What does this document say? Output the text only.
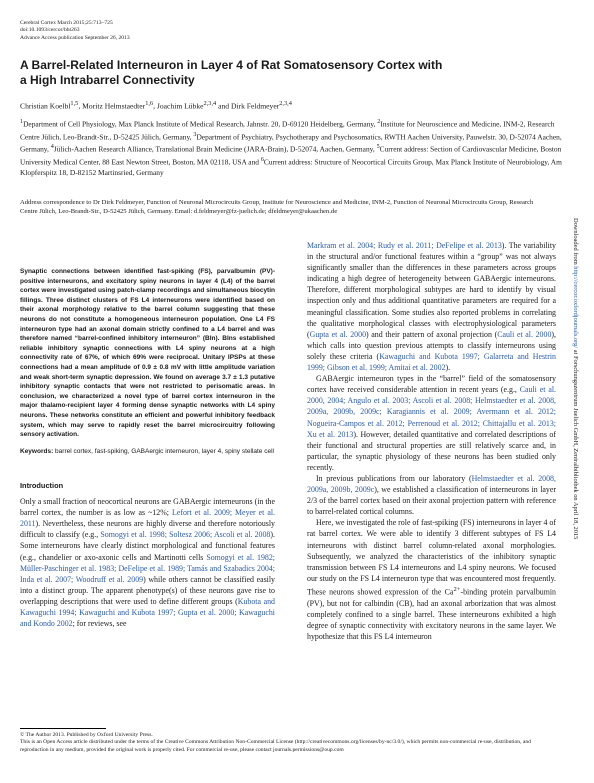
Cerebral Cortex March 2015;25:713–725
doi:10.1093/cercor/bht263
Advance Access publication September 26, 2013
A Barrel-Related Interneuron in Layer 4 of Rat Somatosensory Cortex with
a High Intrabarrel Connectivity
Christian Koelbl$^{1,5}$, Moritz Helmstaedter$^{1,6}$, Joachim Lübke$^{2,3,4}$ and Dirk Feldmeyer$^{2,3,4}$
$^1$Department of Cell Physiology, Max Planck Institute of Medical Research, Jahnstr. 20, D-69120 Heidelberg, Germany, $^2$Institute for Neuroscience and Medicine, INM-2, Research Centre Jülich, Leo-Brandt-Str., D-52425 Jülich, Germany, $^3$Department of Psychiatry, Psychotherapy and Psychosomatics, RWTH Aachen University, Pauwelstr. 30, D-52074 Aachen, Germany, $^4$Jülich-Aachen Research Alliance, Translational Brain Medicine (JARA-Brain), D-52074, Aachen, Germany, $^5$Current address: Section of Cardiovascular Medicine, Boston University Medical Center, 88 East Newton Street, Boston, MA 02118, USA and $^6$Current address: Structure of Neocortical Circuits Group, Max Planck Institute of Neurobiology, Am Klopferspitz 18, D-82152 Martinsried, Germany
Address correspondence to Dr Dirk Feldmeyer, Function of Neuronal Microcircuits Group, Institute for Neuroscience and Medicine, INM-2, Function of Neuronal Microcircuits Group, Research Centre Jülich, Leo-Brandt-Str., D-52425 Jülich, Germany. Email: d.feldmeyer@fz-juelich.de; dfeldmeyer@ukaachen.de
Downloaded from http://cercor.oxfordjournals.org/ at Forschungszentrum Juelich GmbH, Zentralbibliothek on April 18, 2015

Synaptic connections between identified fast-spiking (FS), parvalbumin (PV)-positive interneurons, and excitatory spiny neurons in layer 4 (L4) of the barrel cortex were investigated using patch-clamp recordings and simultaneous biocytin fillings. Three distinct clusters of FS L4 interneurons were identified based on their axonal morphology relative to the barrel column suggesting that these neurons do not constitute a homogeneous interneuron population. One L4 FS interneuron type had an axonal domain strictly confined to a L4 barrel and was therefore named “barrel-confined inhibitory interneuron” (BIn). BIns established reliable inhibitory synaptic connections with L4 spiny neurons at a high connectivity rate of 67%, of which 69% were reciprocal. Unitary IPSPs at these connections had a mean amplitude of 0.9 ± 0.8 mV with little amplitude variation and weak short-term synaptic depression. We found on average 3.7 ± 1.3 putative inhibitory synaptic contacts that were not restricted to perisomatic areas. In conclusion, we characterized a novel type of barrel cortex interneuron in the major thalamo-recipient layer 4 forming dense synaptic networks with L4 spiny neurons. These networks constitute an efficient and powerful inhibitory feedback system, which may serve to rapidly reset the barrel microcircuitry following sensory activation.

Keywords: barrel cortex, fast-spiking, GABAergic interneuron, layer 4, spiny stellate cell

Introduction

Only a small fraction of neocortical neurons are GABAergic interneurons (in the barrel cortex, the number is as low as ~12%; Lefort et al. 2009; Meyer et al. 2011). Nevertheless, these neurons are highly diverse and therefore notoriously difficult to classify (e.g., Somogyi et al. 1998; Soltesz 2006; Ascoli et al. 2008). Some interneurons have clearly distinct morphological and functional features (e.g., chandelier or axo-axonic cells and Martinotti cells Somogyi et al. 1982; Müller-Paschinger et al. 1983; DeFelipe et al. 1989; Tamás and Szabadics 2004; Inda et al. 2007; Woodruff et al. 2009) while others cannot be classified easily into a distinct group. The apparent phenotype(s) of these neurons gave rise to overlapping descriptions that were used to define different groups (Kubota and Kawaguchi 1994; Kawaguchi and Kubota 1997; Gupta et al. 2000; Kawaguchi and Kondo 2002; for reviews, see

Markram et al. 2004; Rudy et al. 2011; DeFelipe et al. 2013). The variability in the structural and/or functional features within a “group” was not always significantly smaller than the differences in these parameters across groups indicating a high degree of heterogeneity between GABAergic interneurons. Therefore, different morphological subtypes are hard to identify by visual inspection only and thus additional quantitative parameters are required for a meaningful classification. Some studies also reported problems in correlating the qualitative morphological classes with electrophysiological parameters (Gupta et al. 2000) and their pattern of axonal projection (Cauli et al. 2000), which calls into question previous attempts to classify interneurons using solely these criteria (Kawaguchi and Kubota 1997; Galarreta and Hestrin 1999; Gibson et al. 1999; Amitai et al. 2002).

GABAergic interneuron types in the “barrel” field of the somatosensory cortex have received considerable attention in recent years (e.g., Cauli et al. 2000, 2004; Angulo et al. 2003; Ascoli et al. 2008; Helmstaedter et al. 2008, 2009a, 2009b, 2009c; Karagiannis et al. 2009; Avermann et al. 2012; Nogueira-Campos et al. 2012; Perrenoud et al. 2012; Chittajallu et al. 2013; Xu et al. 2013). However, detailed quantitative and correlated descriptions of their functional and structural properties are still relatively scarce and, in particular, the synaptic physiology of these neurons has been studied only recently.

In previous publications from our laboratory (Helmstaedter et al. 2008, 2009a, 2009b, 2009c), we established a classification of interneurons in layer 2/3 of the barrel cortex based on their axonal projection pattern with reference to barrel-related cortical columns.

Here, we investigated the role of fast-spiking (FS) interneurons in layer 4 of rat barrel cortex. We were able to identify 3 different subtypes of FS L4 interneurons with distinct barrel column-related axonal morphologies. Subsequently, we analyzed the characteristics of the inhibitory synaptic transmission between FS L4 interneurons and L4 spiny neurons. We focused our study on the FS L4 interneuron type that was encountered most frequently. These neurons showed expression of the $Ca^{2+}$-binding protein parvalbumin (PV), but not for calbindin (CB), had an axonal arborization that was almost completely confined to a single barrel. These interneurons exhibited a high degree of synaptic connectivity with excitatory neurons in the same layer. We hypothesize that this FS L4 interneuron

© The Author 2013. Published by Oxford University Press.
This is an Open Access article distributed under the terms of the Creative Commons Attribution Non-Commercial License (http://creativecommons.org/licenses/by-nc/3.0/), which permits non-commercial re-use, distribution, and reproduction in any medium, provided the original work is properly cited. For commercial re-use, please contact journals.permissions@oup.com
